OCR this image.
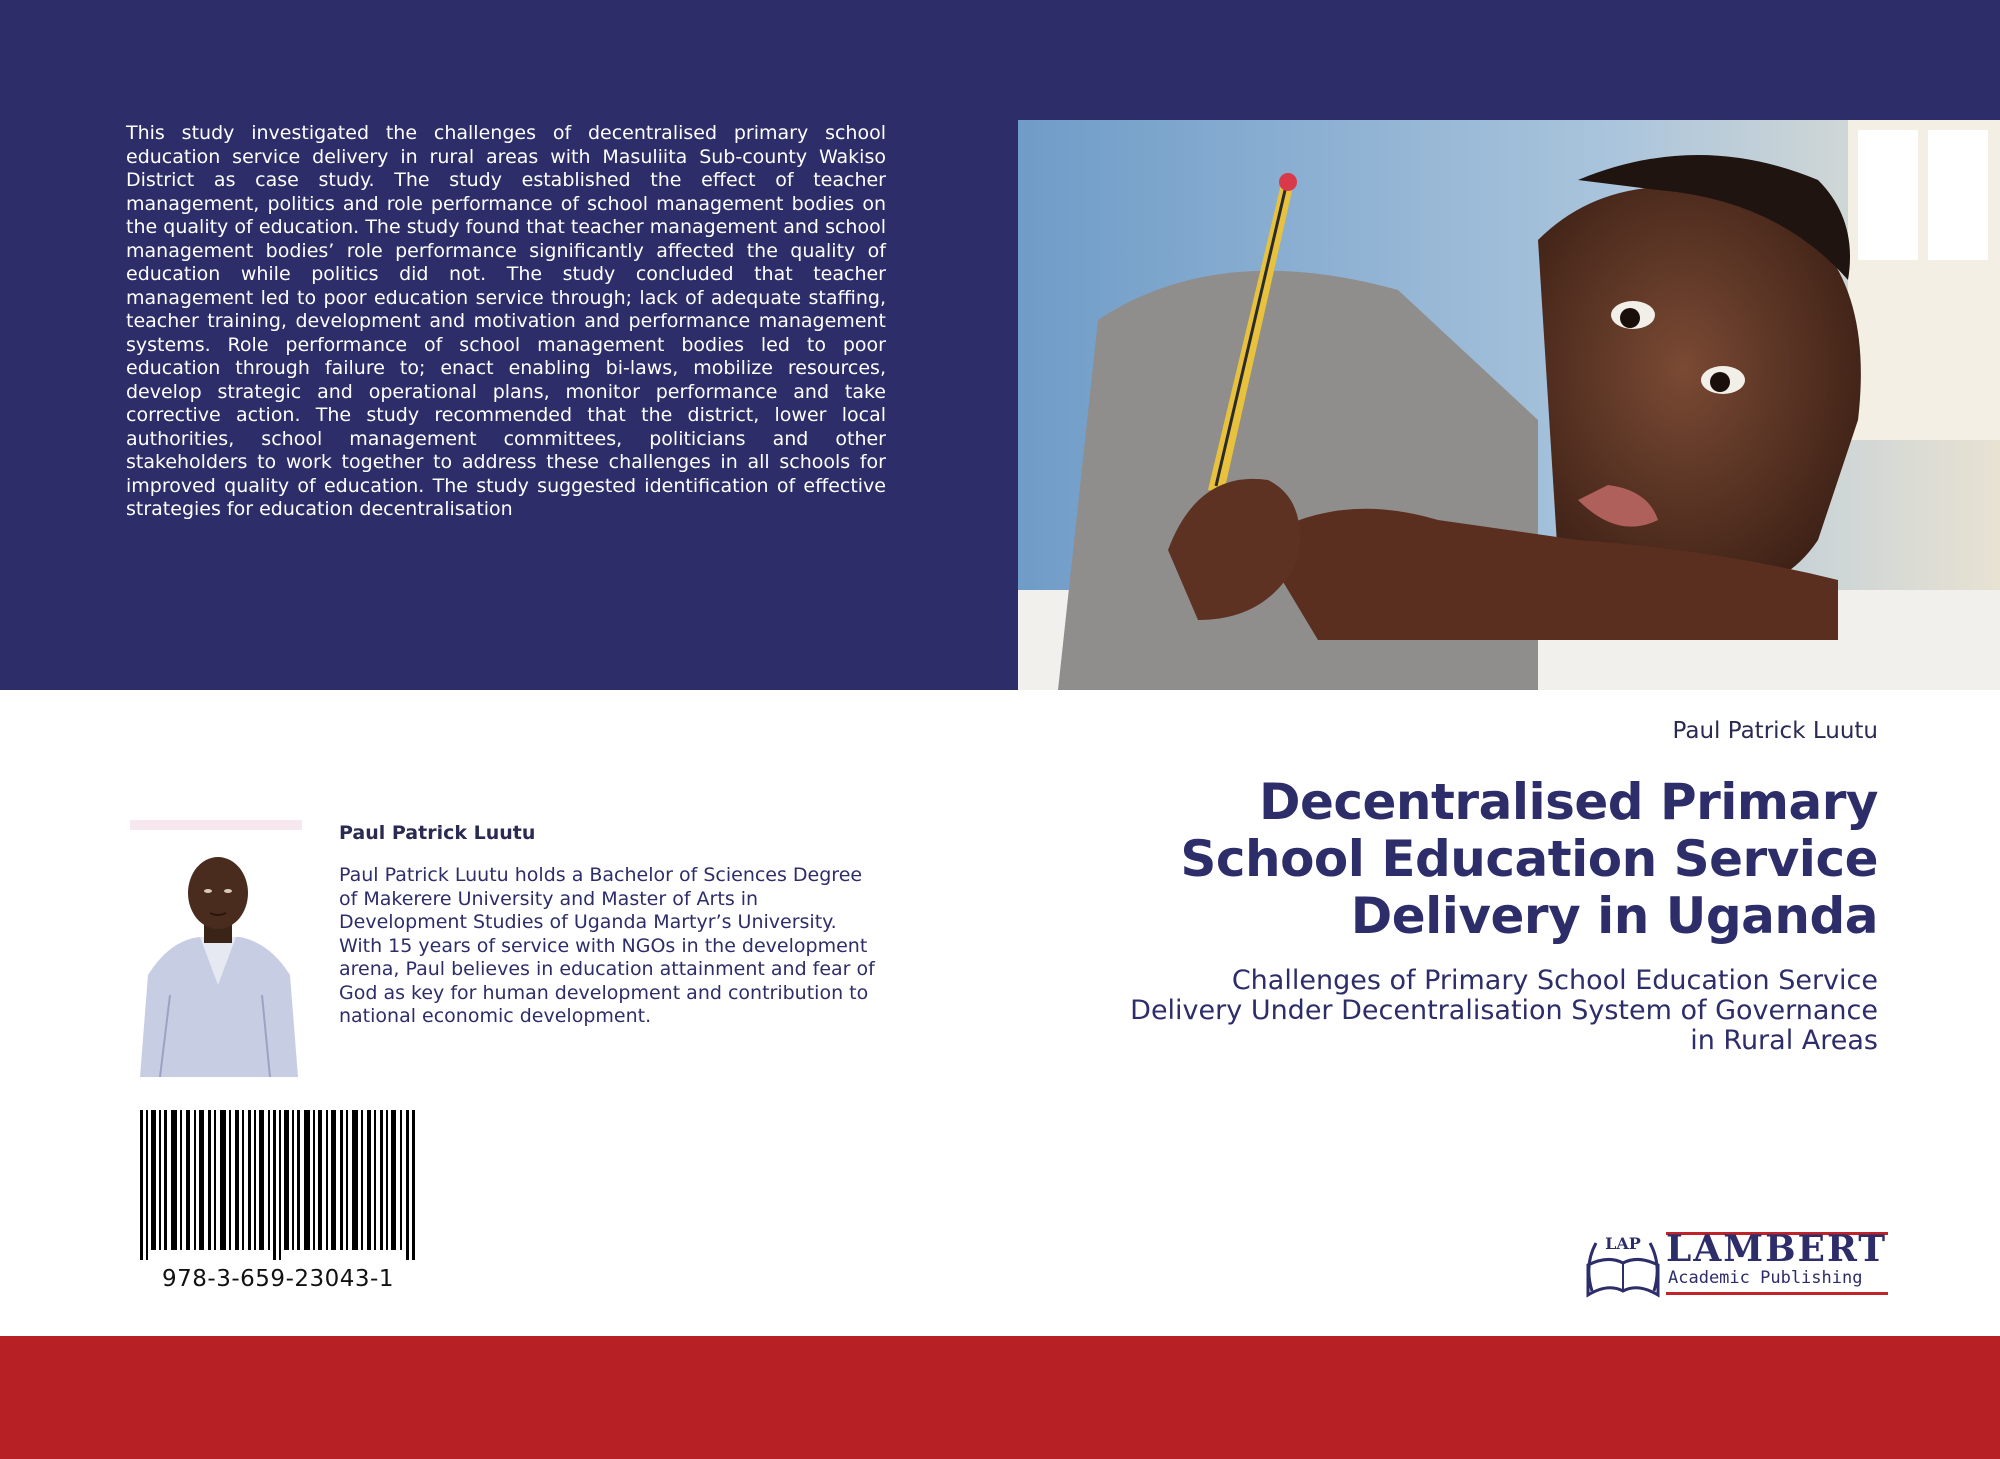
This study investigated the challenges of decentralised primary school education service delivery in rural areas with Masuliita Sub-county Wakiso District as case study. The study established the effect of teacher management, politics and role performance of school management bodies on the quality of education. The study found that teacher management and school management bodies’ role performance significantly affected the quality of education while politics did not. The study concluded that teacher management led to poor education service through; lack of adequate staffing, teacher training, development and motivation and performance management systems. Role performance of school management bodies led to poor education through failure to; enact enabling bi-laws, mobilize resources, develop strategic and operational plans, monitor performance and take corrective action. The study recommended that the district, lower local authorities, school management committees, politicians and other stakeholders to work together to address these challenges in all schools for improved quality of education. The study suggested identification of effective strategies for education decentralisation

Paul Patrick Luutu
Decentralised Primary School Education Service Delivery in Uganda

Challenges of Primary School Education Service Delivery Under Decentralisation System of Governance in Rural Areas

Paul Patrick Luutu

Paul Patrick Luutu holds a Bachelor of Sciences Degree of Makerere University and Master of Arts in Development Studies of Uganda Martyr’s University. With 15 years of service with NGOs in the development arena, Paul believes in education attainment and fear of God as key for human development and contribution to national economic development.

978-3-659-23043-1
LAP LAMBERT
Academic Publishing
